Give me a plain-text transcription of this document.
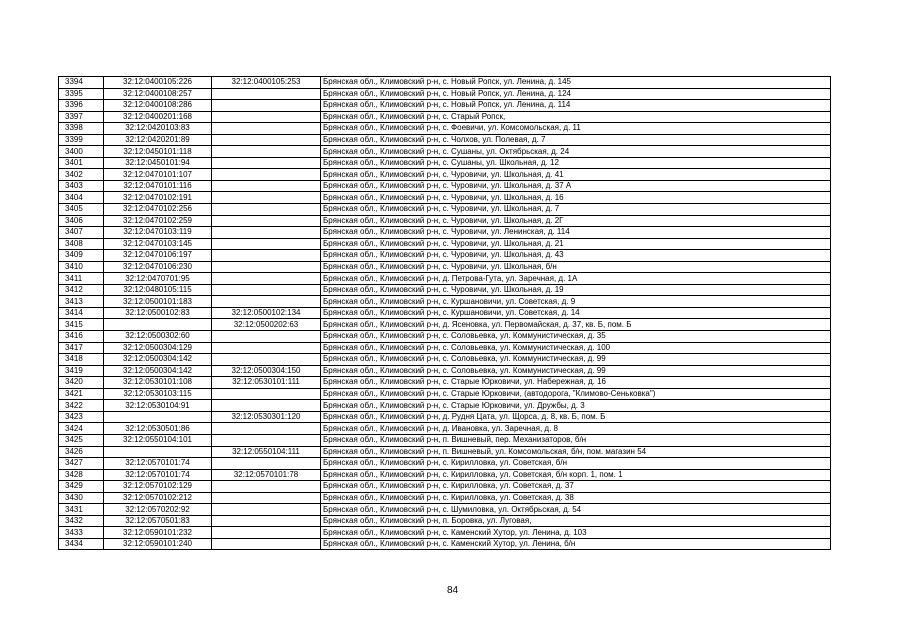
3394	32:12:0400105:226	32:12:0400105:253	Брянская обл., Климовский р-н, с. Новый Ропск, ул. Ленина, д. 145
3395	32:12:0400108:257		Брянская обл., Климовский р-н, с. Новый Ропск, ул. Ленина, д. 124
3396	32:12:0400108:286		Брянская обл., Климовский р-н, с. Новый Ропск, ул. Ленина, д. 114
3397	32:12:0400201:168		Брянская обл., Климовский р-н, с. Старый Ропск,
3398	32:12:0420103:83		Брянская обл., Климовский р-н, с. Фоевичи, ул. Комсомольская, д. 11
3399	32:12:0420201:89		Брянская обл., Климовский р-н, с. Чолхов, ул. Полевая, д. 7
3400	32:12:0450101:118		Брянская обл., Климовский р-н, с. Сушаны, ул. Октябрьская, д. 24
3401	32:12:0450101:94		Брянская обл., Климовский р-н, с. Сушаны, ул. Школьная, д. 12
3402	32:12:0470101:107		Брянская обл., Климовский р-н, с. Чуровичи, ул. Школьная, д. 41
3403	32:12:0470101:116		Брянская обл., Климовский р-н, с. Чуровичи, ул. Школьная, д. 37 А
3404	32:12:0470102:191		Брянская обл., Климовский р-н, с. Чуровичи, ул. Школьная, д. 16
3405	32:12:0470102:256		Брянская обл., Климовский р-н, с. Чуровичи, ул. Школьная, д. 7
3406	32:12:0470102:259		Брянская обл., Климовский р-н, с. Чуровичи, ул. Школьная, д. 2Г
3407	32:12:0470103:119		Брянская обл., Климовский р-н, с. Чуровичи, ул. Ленинская, д. 114
3408	32:12:0470103:145		Брянская обл., Климовский р-н, с. Чуровичи, ул. Школьная, д. 21
3409	32:12:0470106:197		Брянская обл., Климовский р-н, с. Чуровичи, ул. Школьная, д. 43
3410	32:12:0470106:230		Брянская обл., Климовский р-н, с. Чуровичи, ул. Школьная, б/н
3411	32:12:0470701:95		Брянская обл., Климовский р-н, д. Петрова-Гута, ул. Заречная, д. 1А
3412	32:12:0480105:115		Брянская обл., Климовский р-н, с. Чуровичи, ул. Школьная, д. 19
3413	32:12:0500101:183		Брянская обл., Климовский р-н, с. Куршановичи, ул. Советская, д. 9
3414	32:12:0500102:83	32:12:0500102:134	Брянская обл., Климовский р-н, с. Куршановичи, ул. Советская, д. 14
3415		32:12:0500202:63	Брянская обл., Климовский р-н, д. Ясеновка, ул. Первомайская, д. 37, кв. Б, пом. Б
3416	32:12:0500302:60		Брянская обл., Климовский р-н, с. Соловьевка, ул. Коммунистическая, д. 35
3417	32:12:0500304:129		Брянская обл., Климовский р-н, с. Соловьевка, ул. Коммунистическая, д. 100
3418	32:12:0500304:142		Брянская обл., Климовский р-н, с. Соловьевка, ул. Коммунистическая, д. 99
3419	32:12:0500304:142	32:12:0500304:150	Брянская обл., Климовский р-н, с. Соловьевка, ул. Коммунистическая, д. 99
3420	32:12:0530101:108	32:12:0530101:111	Брянская обл., Климовский р-н, с. Старые Юрковичи, ул. Набережная, д. 16
3421	32:12:0530103:115		Брянская обл., Климовский р-н, с. Старые Юрковичи, (автодорога, "Климово-Сеньковка")
3422	32:12:0530104:91		Брянская обл., Климовский р-н, с. Старые Юрковичи, ул. Дружбы, д. 3
3423		32:12:0530301:120	Брянская обл., Климовский р-н, д. Рудня Цата, ул. Щорса, д. 8, кв. Б, пом. Б
3424	32:12:0530501:86		Брянская обл., Климовский р-н, д. Ивановка, ул. Заречная, д. 8
3425	32:12:0550104:101		Брянская обл., Климовский р-н, п. Вишневый, пер. Механизаторов, б/н
3426		32:12:0550104:111	Брянская обл., Климовский р-н, п. Вишневый, ул. Комсомольская, б/н, пом. магазин 54
3427	32:12:0570101:74		Брянская обл., Климовский р-н, с. Кирилловка, ул. Советская, б/н
3428	32:12:0570101:74	32:12:0570101:78	Брянская обл., Климовский р-н, с. Кирилловка, ул. Советская, б/н корп. 1, пом. 1
3429	32:12:0570102:129		Брянская обл., Климовский р-н, с. Кирилловка, ул. Советская, д. 37
3430	32:12:0570102:212		Брянская обл., Климовский р-н, с. Кирилловка, ул. Советская, д. 38
3431	32:12:0570202:92		Брянская обл., Климовский р-н, с. Шумиловка, ул. Октябрьская, д. 54
3432	32:12:0570501:83		Брянская обл., Климовский р-н, п. Боровка, ул. Луговая,
3433	32:12:0590101:232		Брянская обл., Климовский р-н, с. Каменский Хутор, ул. Ленина, д. 103
3434	32:12:0590101:240		Брянская обл., Климовский р-н, с. Каменский Хутор, ул. Ленина, б/н
84
